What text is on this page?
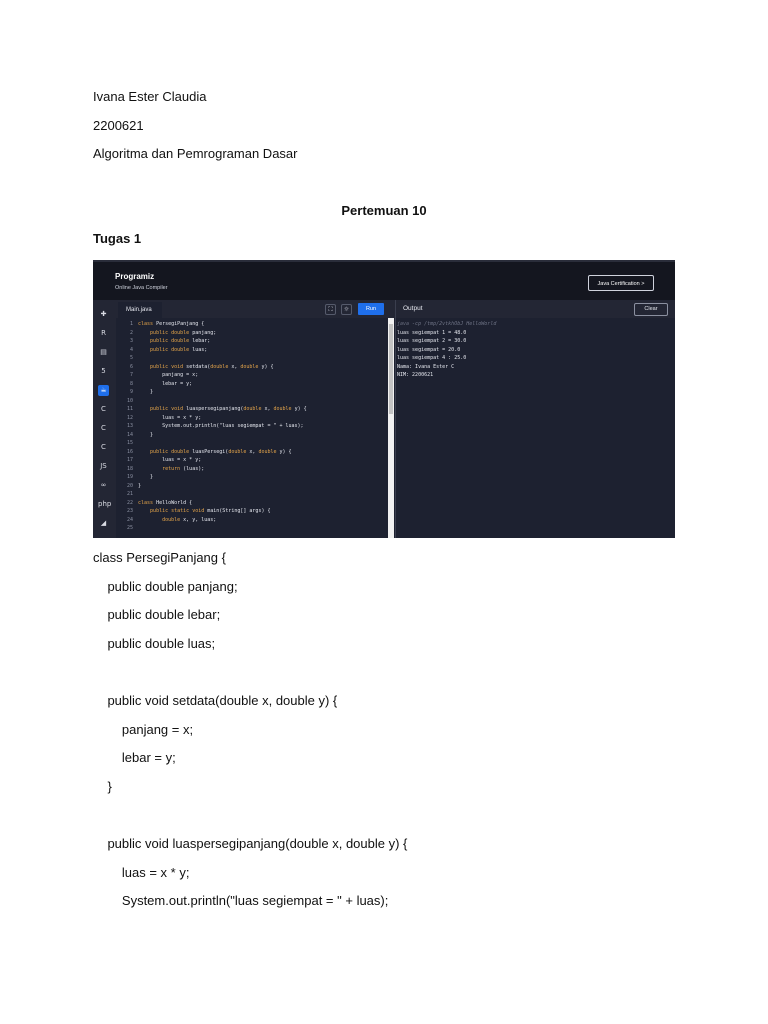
Ivana Ester Claudia
2200621
Algoritma dan Pemrograman Dasar
Pertemuan 10
Tugas 1
Programiz
Online Java Compiler
Java Certification >
✚
R
▤
5
☕
C
C
C
JS
∞
php
◢
Main.java	⛶	☼	Run	Output	Clear
1 class PersegiPanjang {
2	public double panjang;
3	public double lebar;
4	public double luas;
5
6	public void setdata(double x, double y) {
7        panjang = x;
8        lebar = y;
9    }
10
11	public void luaspersegipanjang(double x, double y) {
12        luas = x * y;
13        System.out.println("luas segiempat = " + luas);
14    }
15
16	public double luasPersegi(double x, double y) {
17        luas = x * y;
18	return (luas);
19    }
20 }
21
22 class HelloWorld {
23	public static void main(String[] args) {
24	double x, y, luas;
25
java -cp /tmp/2vtkhObJ HelloWorld
luas segiempat 1 = 48.0
luas segiempat 2 = 30.0
luas segiempat = 20.0
luas segiempat 4 : 25.0
Nama: Ivana Ester C
NIM: 2200621
class PersegiPanjang {
public double panjang;
public double lebar;
public double luas;
public void setdata(double x, double y) {
panjang = x;
lebar = y;
}
public void luaspersegipanjang(double x, double y) {
luas = x * y;
System.out.println("luas segiempat = " + luas);
